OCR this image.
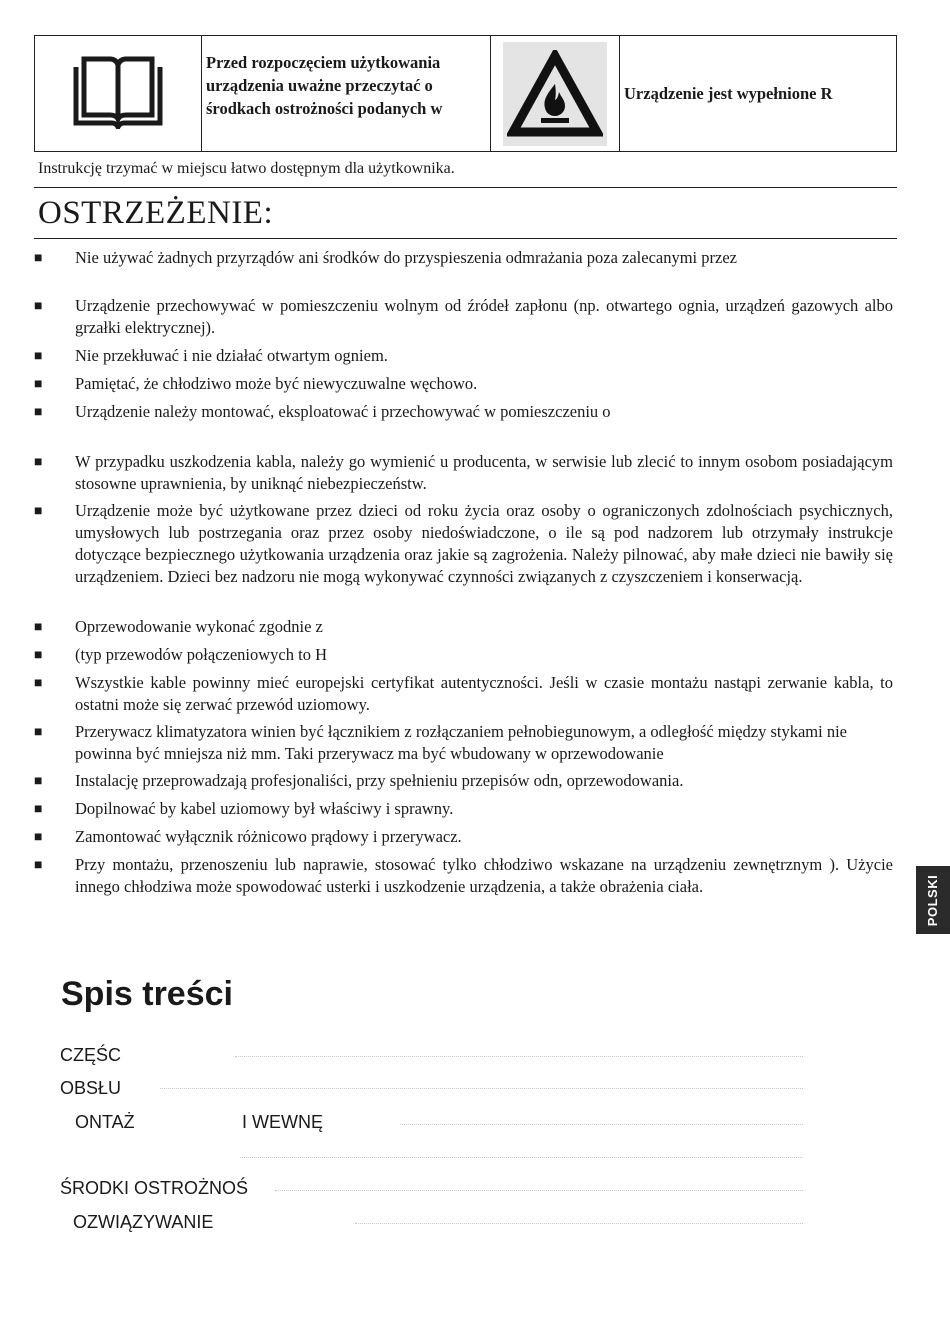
Przed rozpoczęciem użytkowania
urządzenia uważne przeczytać o
środkach ostrożności podanych w
Urządzenie jest wypełnione R
Instrukcję trzymać w miejscu łatwo dostępnym dla użytkownika.
OSTRZEŻENIE:
■ Nie używać żadnych przyrządów ani środków do przyspieszenia odmrażania poza zalecanymi przez
■ Urządzenie przechowywać w pomieszczeniu wolnym od źródeł zapłonu (np. otwartego ognia, urządzeń gazowych albo grzałki elektrycznej).
■ Nie przekłuwać i nie działać otwartym ogniem.
■ Pamiętać, że chłodziwo może być niewyczuwalne węchowo.
■ Urządzenie należy montować, eksploatować i przechowywać w pomieszczeniu o
■ W przypadku uszkodzenia kabla, należy go wymienić u producenta, w serwisie lub zlecić to innym osobom posiadającym stosowne uprawnienia, by uniknąć niebezpieczeństw.
■ Urządzenie może być użytkowane przez dzieci od roku życia oraz osoby o ograniczonych zdolnościach psychicznych, umysłowych lub postrzegania oraz przez osoby niedoświadczone, o ile są pod nadzorem lub otrzymały instrukcje dotyczące bezpiecznego użytkowania urządzenia oraz jakie są zagrożenia. Należy pilnować, aby małe dzieci nie bawiły się urządzeniem. Dzieci bez nadzoru nie mogą wykonywać czynności związanych z czyszczeniem i konserwacją.
■ Oprzewodowanie wykonać zgodnie z
■ (typ przewodów połączeniowych to H
■ Wszystkie kable powinny mieć europejski certyfikat autentyczności. Jeśli w czasie montażu nastąpi zerwanie kabla, to ostatni może się zerwać przewód uziomowy.
■ Przerywacz klimatyzatora winien być łącznikiem z rozłączaniem pełnobiegunowym, a odległość między stykami nie powinna być mniejsza niż mm. Taki przerywacz ma być wbudowany w oprzewodowanie
■ Instalację przeprowadzają profesjonaliści, przy spełnieniu przepisów odn, oprzewodowania.
■ Dopilnować by kabel uziomowy był właściwy i sprawny.
■ Zamontować wyłącznik różnicowo prądowy i przerywacz.
■ Przy montażu, przenoszeniu lub naprawie, stosować tylko chłodziwo wskazane na urządzeniu zewnętrznym ). Użycie innego chłodziwa może spowodować usterki i uszkodzenie urządzenia, a także obrażenia ciała.	POLSKI
Spis treści
CZĘŚC
OBSŁU
ONTAŻ	I WEWNĘ
ŚRODKI OSTROŻNOŚ
OZWIĄZYWANIE
